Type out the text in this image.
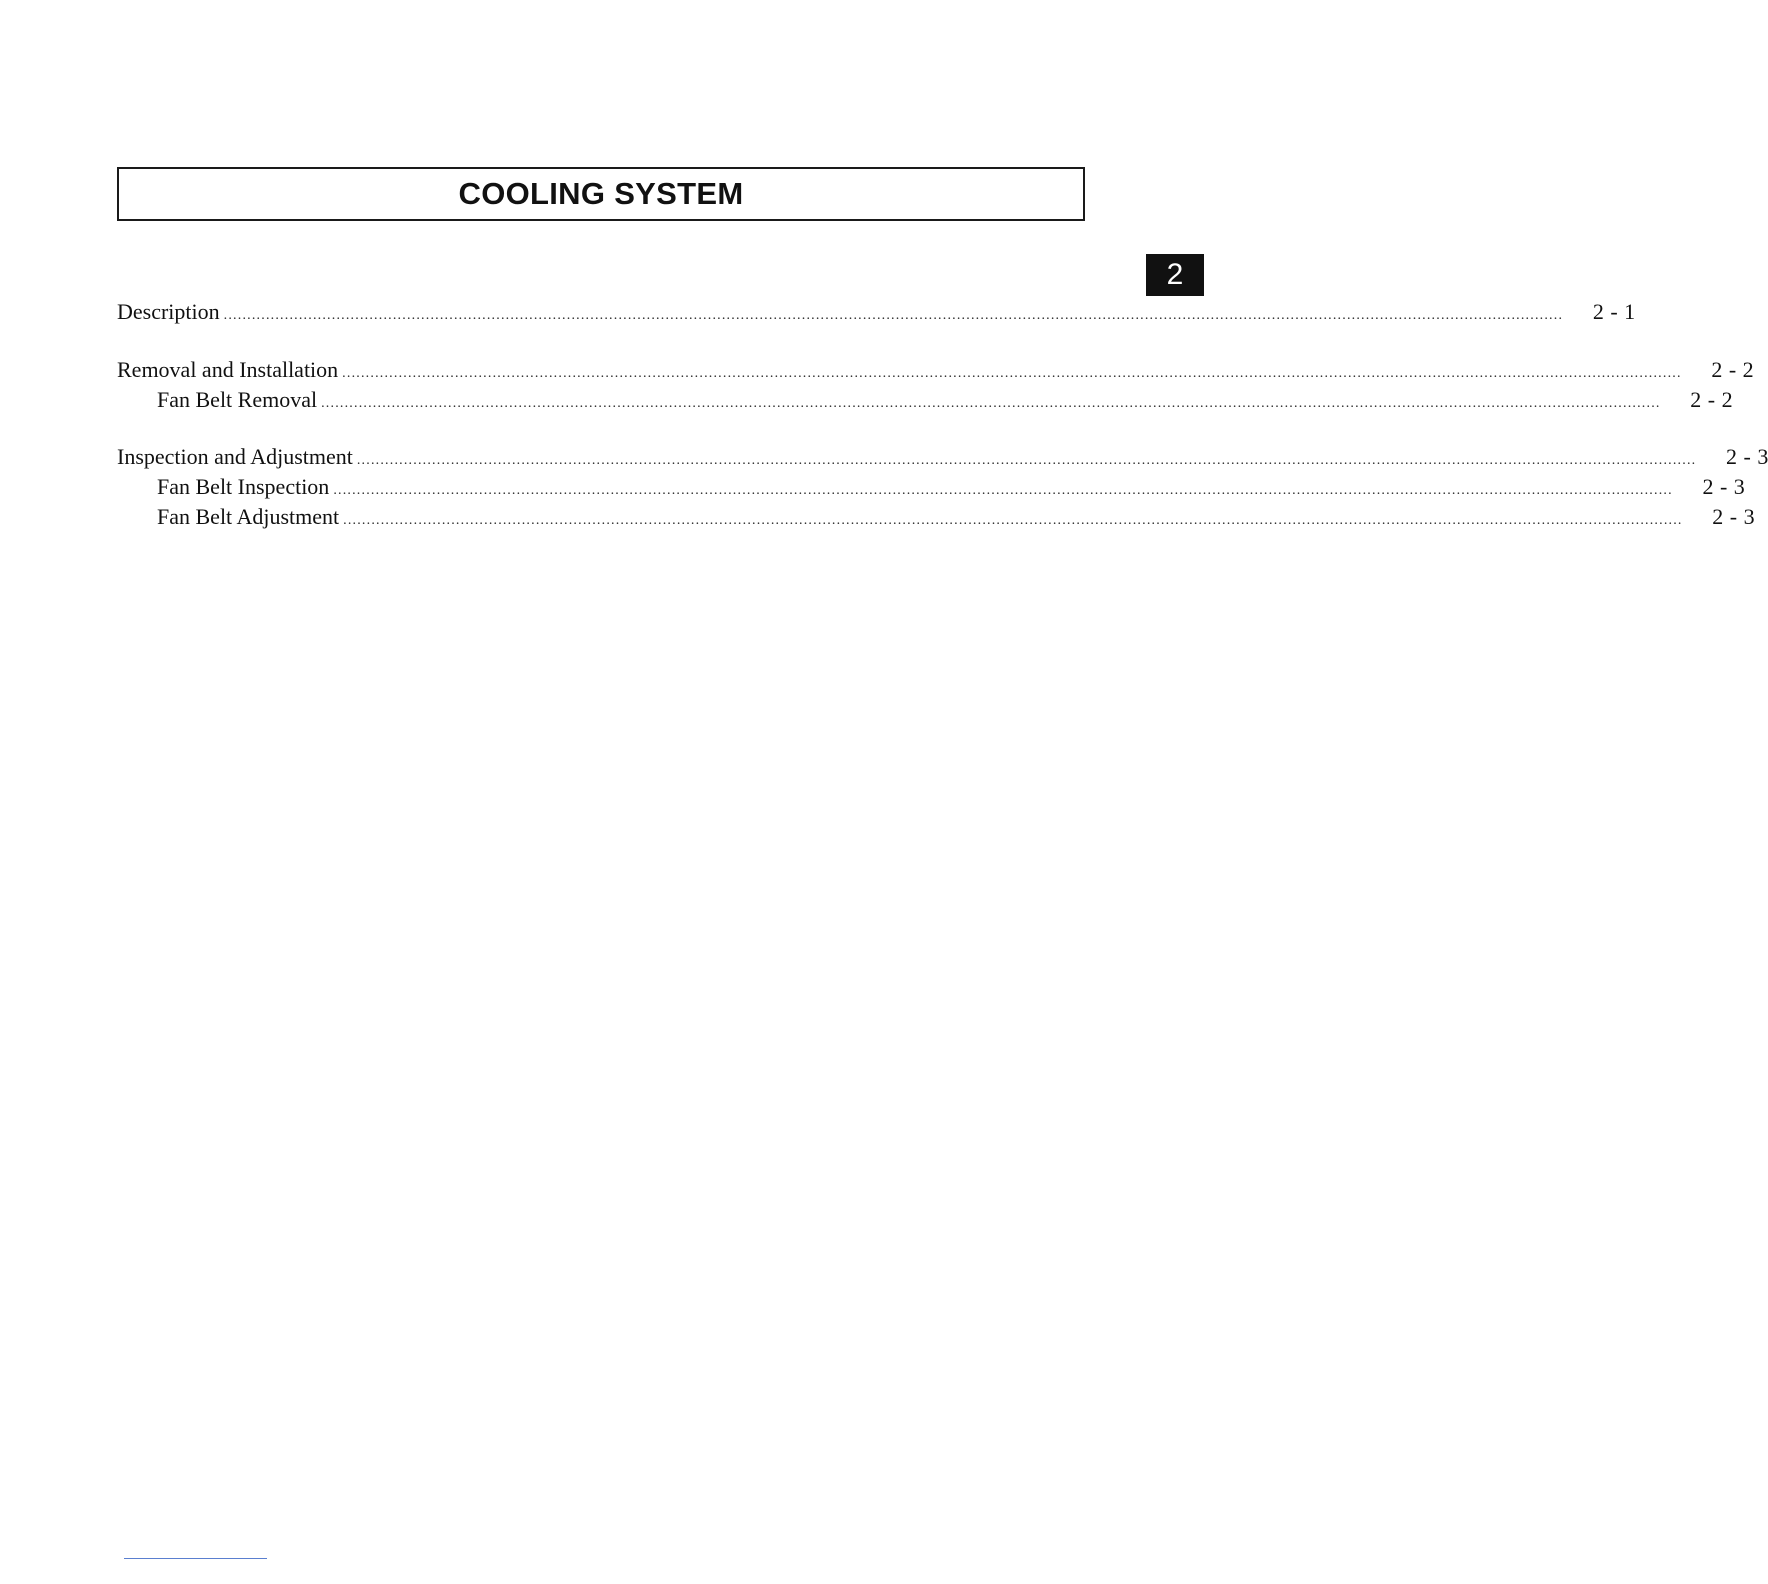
COOLING SYSTEM
2
Description .............................................................................................................................................................................................................................................................................................	2 - 1
Removal and Installation .............................................................................................................................................................................................................................................................................................	2 - 2
Fan Belt Removal .............................................................................................................................................................................................................................................................................................	2 - 2
Inspection and Adjustment .............................................................................................................................................................................................................................................................................................	2 - 3
Fan Belt Inspection .............................................................................................................................................................................................................................................................................................	2 - 3
Fan Belt Adjustment .............................................................................................................................................................................................................................................................................................	2 - 3
